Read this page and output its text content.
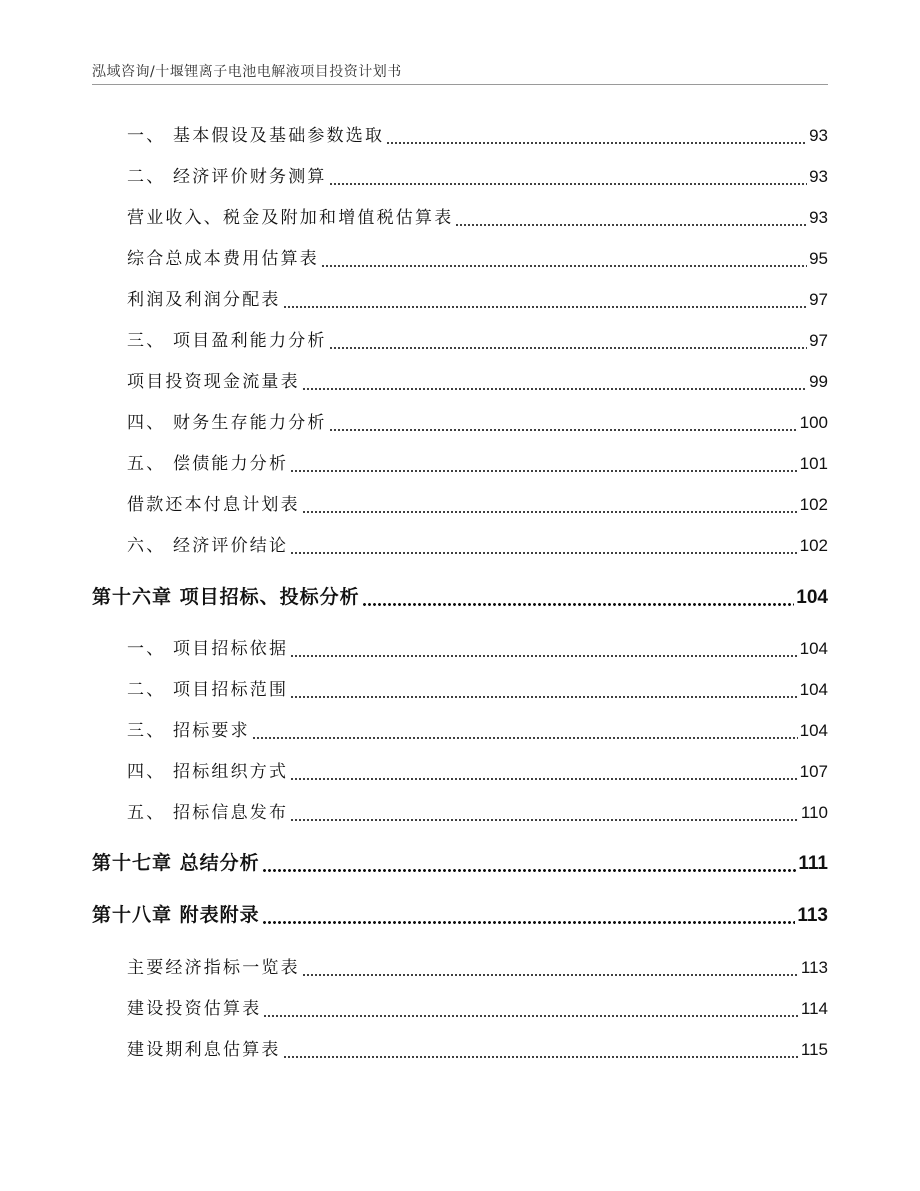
泓域咨询/十堰锂离子电池电解液项目投资计划书
一、 基本假设及基础参数选取	93
二、 经济评价财务测算	93
营业收入、税金及附加和增值税估算表	93
综合总成本费用估算表	95
利润及利润分配表	97
三、 项目盈利能力分析	97
项目投资现金流量表	99
四、 财务生存能力分析	100
五、 偿债能力分析	101
借款还本付息计划表	102
六、 经济评价结论	102
第十六章 项目招标、投标分析	104
一、 项目招标依据	104
二、 项目招标范围	104
三、 招标要求	104
四、 招标组织方式	107
五、 招标信息发布	110
第十七章 总结分析	111
第十八章 附表附录	113
主要经济指标一览表	113
建设投资估算表	114
建设期利息估算表	115
